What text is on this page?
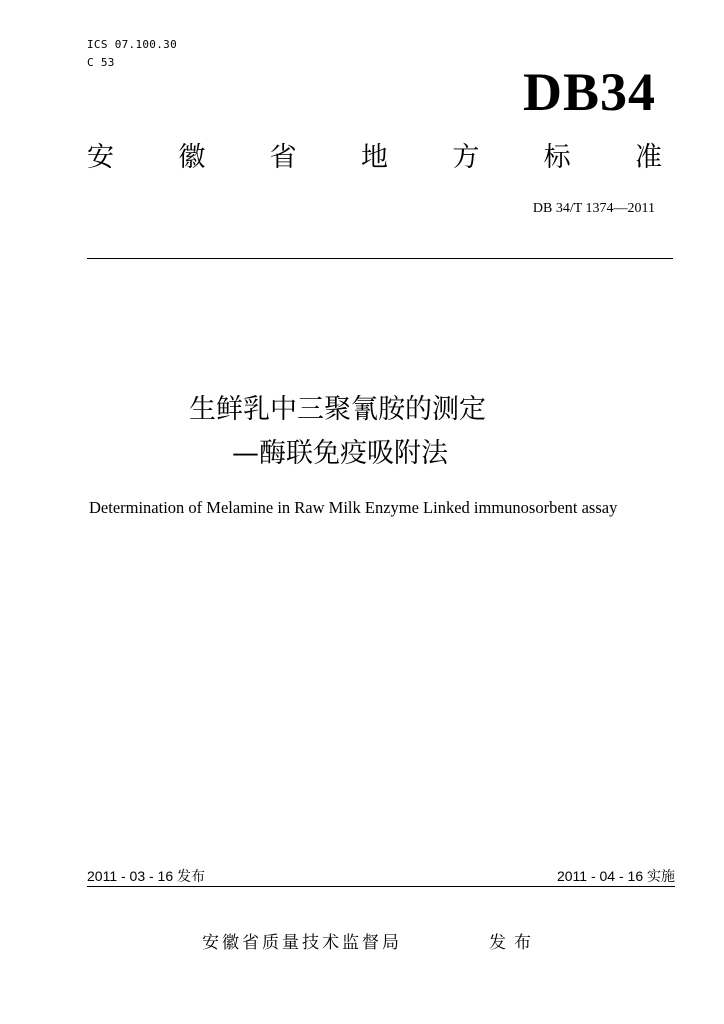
ICS 07.100.30
C 53	DB34
安 徽 省 地 方 标 准
DB 34/T 1374—2011
生鲜乳中三聚氰胺的测定
—酶联免疫吸附法
Determination of Melamine in Raw Milk Enzyme Linked immunosorbent assay
2011 - 03 - 16 发布	2011 - 04 - 16 实施
安徽省质量技术监督局	发布
